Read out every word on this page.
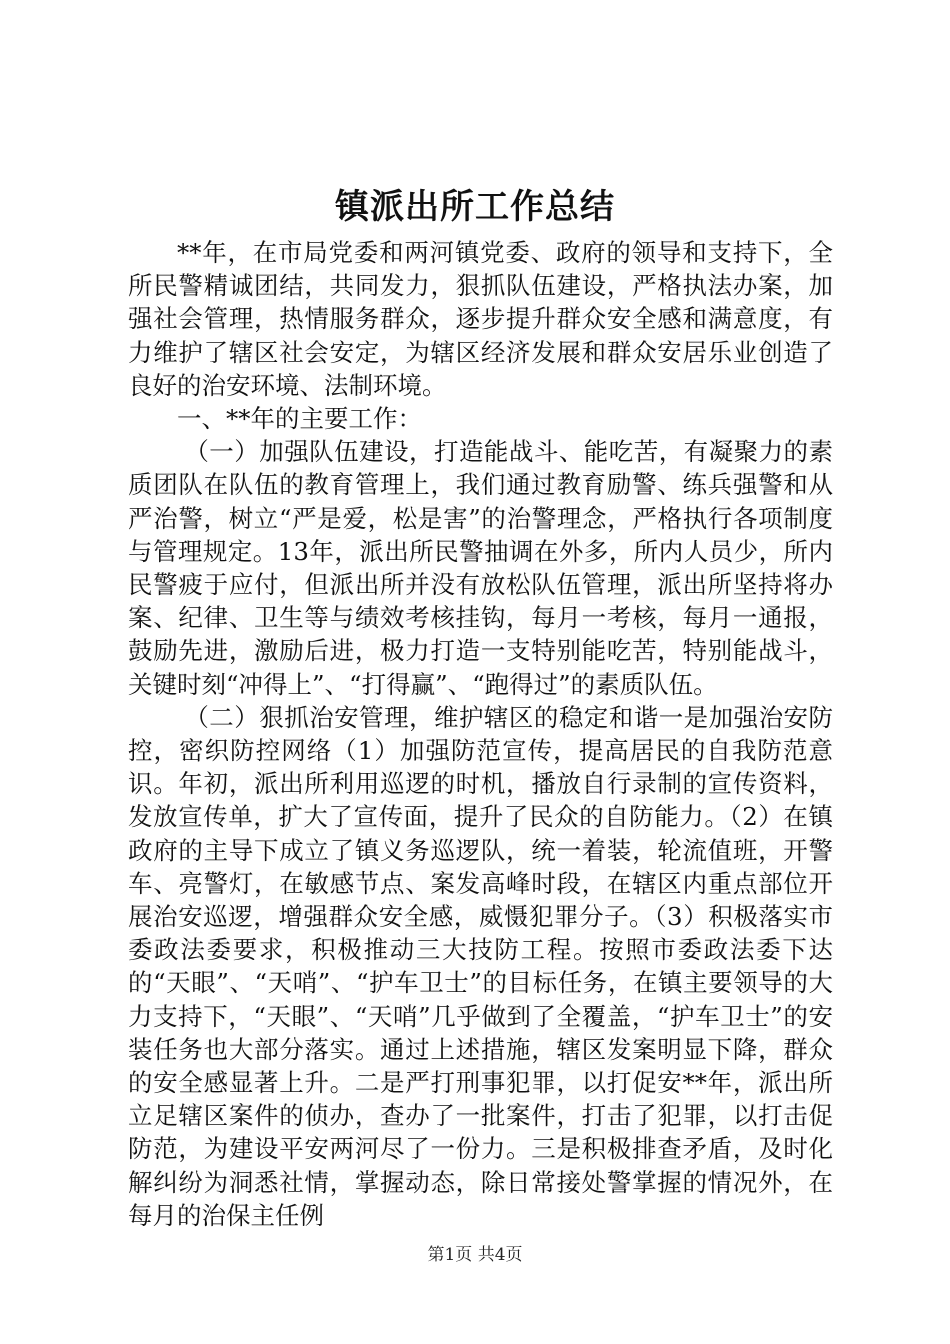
镇派出所工作总结

**年，在市局党委和两河镇党委、政府的领导和支持下，全所民警精诚团结，共同发力，狠抓队伍建设，严格执法办案，加强社会管理，热情服务群众，逐步提升群众安全感和满意度，有力维护了辖区社会安定，为辖区经济发展和群众安居乐业创造了良好的治安环境、法制环境。

一、**年的主要工作：

（一）加强队伍建设，打造能战斗、能吃苦，有凝聚力的素质团队在队伍的教育管理上，我们通过教育励警、练兵强警和从严治警，树立“严是爱，松是害”的治警理念，严格执行各项制度与管理规定。13年，派出所民警抽调在外多，所内人员少，所内民警疲于应付，但派出所并没有放松队伍管理，派出所坚持将办案、纪律、卫生等与绩效考核挂钩，每月一考核，每月一通报，鼓励先进，激励后进，极力打造一支特别能吃苦，特别能战斗，关键时刻“冲得上”、“打得赢”、“跑得过”的素质队伍。

（二）狠抓治安管理，维护辖区的稳定和谐一是加强治安防控，密织防控网络（1）加强防范宣传，提高居民的自我防范意识。年初，派出所利用巡逻的时机，播放自行录制的宣传资料，发放宣传单，扩大了宣传面，提升了民众的自防能力。（2）在镇政府的主导下成立了镇义务巡逻队，统一着装，轮流值班，开警车、亮警灯，在敏感节点、案发高峰时段，在辖区内重点部位开展治安巡逻，增强群众安全感，威慑犯罪分子。（3）积极落实市委政法委要求，积极推动三大技防工程。按照市委政法委下达的“天眼”、“天哨”、“护车卫士”的目标任务，在镇主要领导的大力支持下，“天眼”、“天哨”几乎做到了全覆盖，“护车卫士”的安装任务也大部分落实。通过上述措施，辖区发案明显下降，群众的安全感显著上升。二是严打刑事犯罪，以打促安**年，派出所立足辖区案件的侦办，查办了一批案件，打击了犯罪，以打击促防范，为建设平安两河尽了一份力。三是积极排查矛盾，及时化解纠纷为洞悉社情，掌握动态，除日常接处警掌握的情况外，在每月的治保主任例

第1页 共4页
